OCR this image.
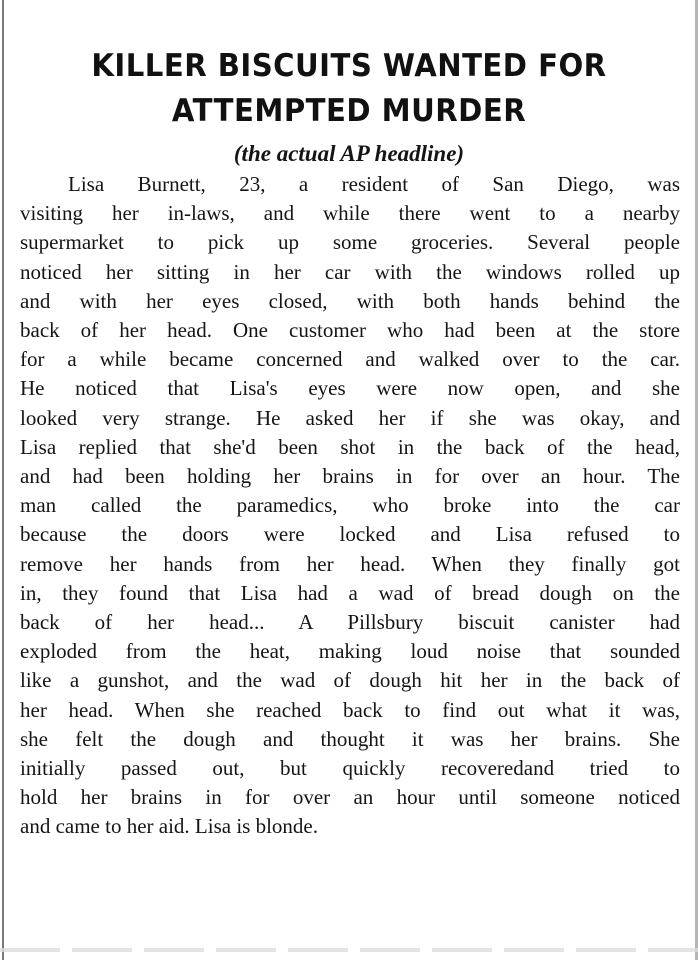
KILLER BISCUITS WANTED FOR
ATTEMPTED MURDER

(the actual AP headline)

Lisa Burnett, 23, a resident of San Diego, was
visiting her in-laws, and while there went to a nearby
supermarket to pick up some groceries. Several people
noticed her sitting in her car with the windows rolled up
and with her eyes closed, with both hands behind the
back of her head. One customer who had been at the store
for a while became concerned and walked over to the car.
He noticed that Lisa's eyes were now open, and she
looked very strange. He asked her if she was okay, and
Lisa replied that she'd been shot in the back of the head,
and had been holding her brains in for over an hour. The
man called the paramedics, who broke into the car
because the doors were locked and Lisa refused to
remove her hands from her head. When they finally got
in, they found that Lisa had a wad of bread dough on the
back of her head... A Pillsbury biscuit canister had
exploded from the heat, making loud noise that sounded
like a gunshot, and the wad of dough hit her in the back of
her head. When she reached back to find out what it was,
she felt the dough and thought it was her brains. She
initially passed out, but quickly recoveredand tried to
hold her brains in for over an hour until someone noticed
and came to her aid. Lisa is blonde.
